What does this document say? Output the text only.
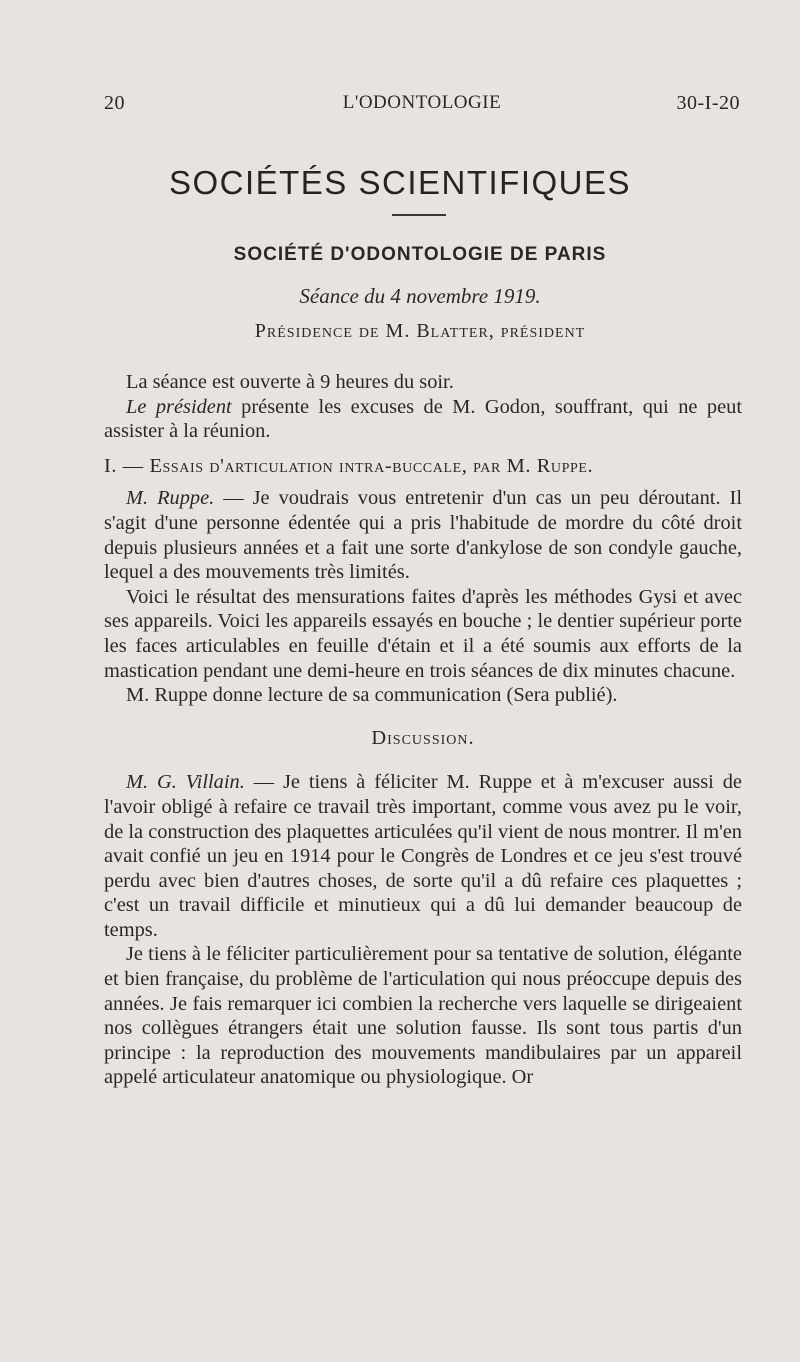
20	L'ODONTOLOGIE	30-I-20
SOCIÉTÉS SCIENTIFIQUES
SOCIÉTÉ D'ODONTOLOGIE DE PARIS
Séance du 4 novembre 1919.
Présidence de M. Blatter, président

La séance est ouverte à 9 heures du soir.

Le président présente les excuses de M. Godon, souffrant, qui ne peut assister à la réunion.

I. — Essais d'articulation intra-buccale, par M. Ruppe.

M. Ruppe. — Je voudrais vous entretenir d'un cas un peu déroutant. Il s'agit d'une personne édentée qui a pris l'habitude de mordre du côté droit depuis plusieurs années et a fait une sorte d'ankylose de son condyle gauche, lequel a des mouvements très limités.

Voici le résultat des mensurations faites d'après les méthodes Gysi et avec ses appareils. Voici les appareils essayés en bouche ; le dentier supérieur porte les faces articulables en feuille d'étain et il a été soumis aux efforts de la mastication pendant une demi-heure en trois séances de dix minutes chacune.

M. Ruppe donne lecture de sa communication (Sera publié).

Discussion.

M. G. Villain. — Je tiens à féliciter M. Ruppe et à m'excuser aussi de l'avoir obligé à refaire ce travail très important, comme vous avez pu le voir, de la construction des plaquettes articulées qu'il vient de nous montrer. Il m'en avait confié un jeu en 1914 pour le Congrès de Londres et ce jeu s'est trouvé perdu avec bien d'autres choses, de sorte qu'il a dû refaire ces plaquettes ; c'est un travail difficile et minutieux qui a dû lui demander beaucoup de temps.

Je tiens à le féliciter particulièrement pour sa tentative de solution, élégante et bien française, du problème de l'articulation qui nous préoccupe depuis des années. Je fais remarquer ici combien la recherche vers laquelle se dirigeaient nos collègues étrangers était une solution fausse. Ils sont tous partis d'un principe : la reproduction des mouvements mandibulaires par un appareil appelé articulateur anatomique ou physiologique. Or
